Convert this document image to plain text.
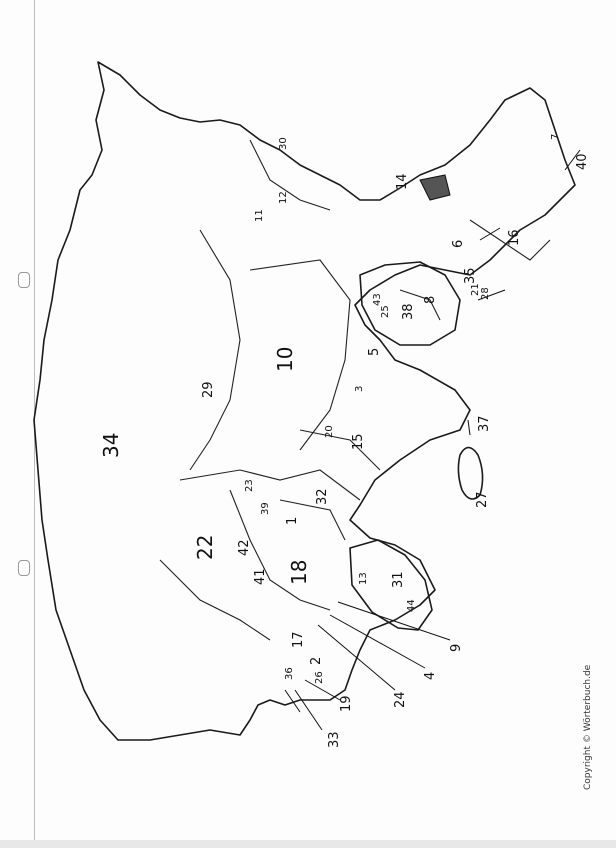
34
10
29
22
18
15
32
1
23
39
42
41
2
17
36 26
33
19	24
4
9
13 31
44
27
37
20
3
5
38
8
43
25
35
28
6	16
11
40
14
12
7
21
30
Copyright © Wörterbuch.de
